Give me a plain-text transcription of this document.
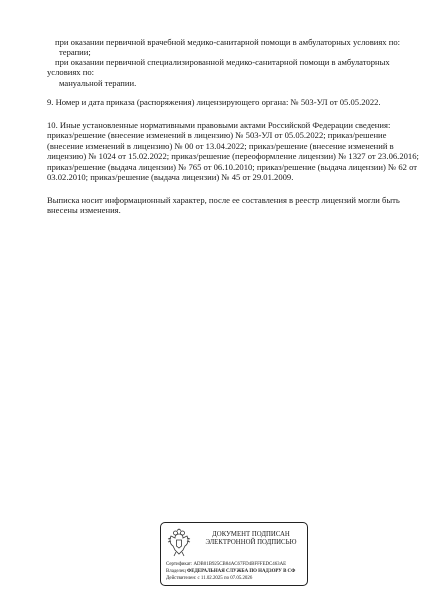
при оказании первичной врачебной медико-санитарной помощи в амбулаторных условиях по:
терапии;
при оказании первичной специализированной медико-санитарной помощи в амбулаторных
условиях по:
мануальной терапии.
9. Номер и дата приказа (распоряжения) лицензирующего органа: № 503-УЛ от 05.05.2022.
10. Иные установленные нормативными правовыми актами Российской Федерации сведения: приказ/решение (внесение изменений в лицензию) № 503-УЛ от 05.05.2022; приказ/решение (внесение изменений в лицензию) № 00 от 13.04.2022; приказ/решение (внесение изменений в лицензию) № 1024 от 15.02.2022; приказ/решение (переоформление лицензии) № 1327 от 23.06.2016; приказ/решение (выдача лицензии) № 765 от 06.10.2010; приказ/решение (выдача лицензии) № 62 от 03.02.2010; приказ/решение (выдача лицензии) № 45 от 29.01.2009.
Выписка носит информационный характер, после ее составления в реестр лицензий могли быть внесены изменения.
ДОКУМЕНТ ПОДПИСАН
ЭЛЕКТРОННОЙ ПОДПИСЬЮ
Сертификат: ADB01B925CB84AC67FD4BFFFEDC463AE
Владелец ФЕДЕРАЛЬНАЯ СЛУЖБА ПО НАДЗОРУ В СФ
Действителен: с 11.02.2025 по 07.05.2026
